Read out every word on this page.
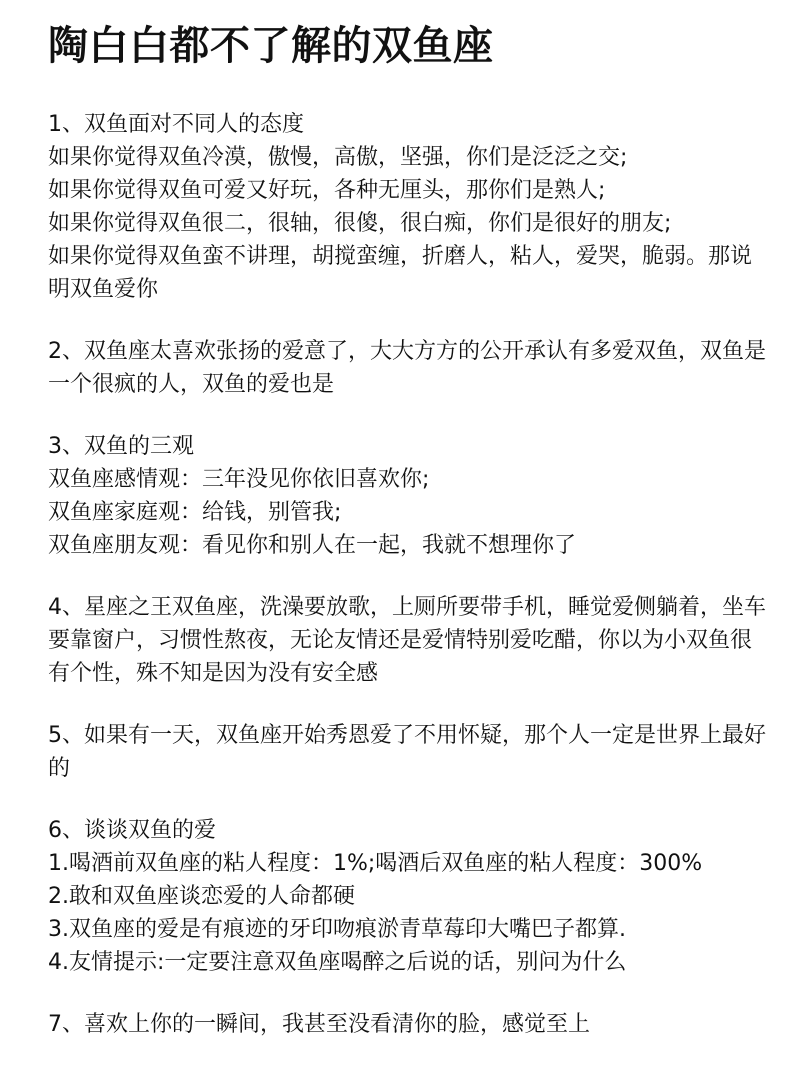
陶白白都不了解的双鱼座
1、双鱼面对不同人的态度
如果你觉得双鱼冷漠，傲慢，高傲，坚强，你们是泛泛之交;
如果你觉得双鱼可爱又好玩，各种无厘头，那你们是熟人;
如果你觉得双鱼很二，很轴，很傻，很白痴，你们是很好的朋友;
如果你觉得双鱼蛮不讲理，胡搅蛮缠，折磨人，粘人，爱哭，脆弱。那说明双鱼爱你
2、双鱼座太喜欢张扬的爱意了，大大方方的公开承认有多爱双鱼，双鱼是一个很疯的人，双鱼的爱也是
3、双鱼的三观
双鱼座感情观：三年没见你依旧喜欢你;
双鱼座家庭观：给钱，别管我;
双鱼座朋友观：看见你和别人在一起，我就不想理你了
4、星座之王双鱼座，洗澡要放歌，上厕所要带手机，睡觉爱侧躺着，坐车要靠窗户，习惯性熬夜，无论友情还是爱情特别爱吃醋，你以为小双鱼很有个性，殊不知是因为没有安全感
5、如果有一天，双鱼座开始秀恩爱了不用怀疑，那个人一定是世界上最好的
6、谈谈双鱼的爱
1.喝酒前双鱼座的粘人程度：1%;喝酒后双鱼座的粘人程度：300%
2.敢和双鱼座谈恋爱的人命都硬
3.双鱼座的爱是有痕迹的牙印吻痕淤青草莓印大嘴巴子都算.
4.友情提示:一定要注意双鱼座喝醉之后说的话，别问为什么
7、喜欢上你的一瞬间，我甚至没看清你的脸，感觉至上
